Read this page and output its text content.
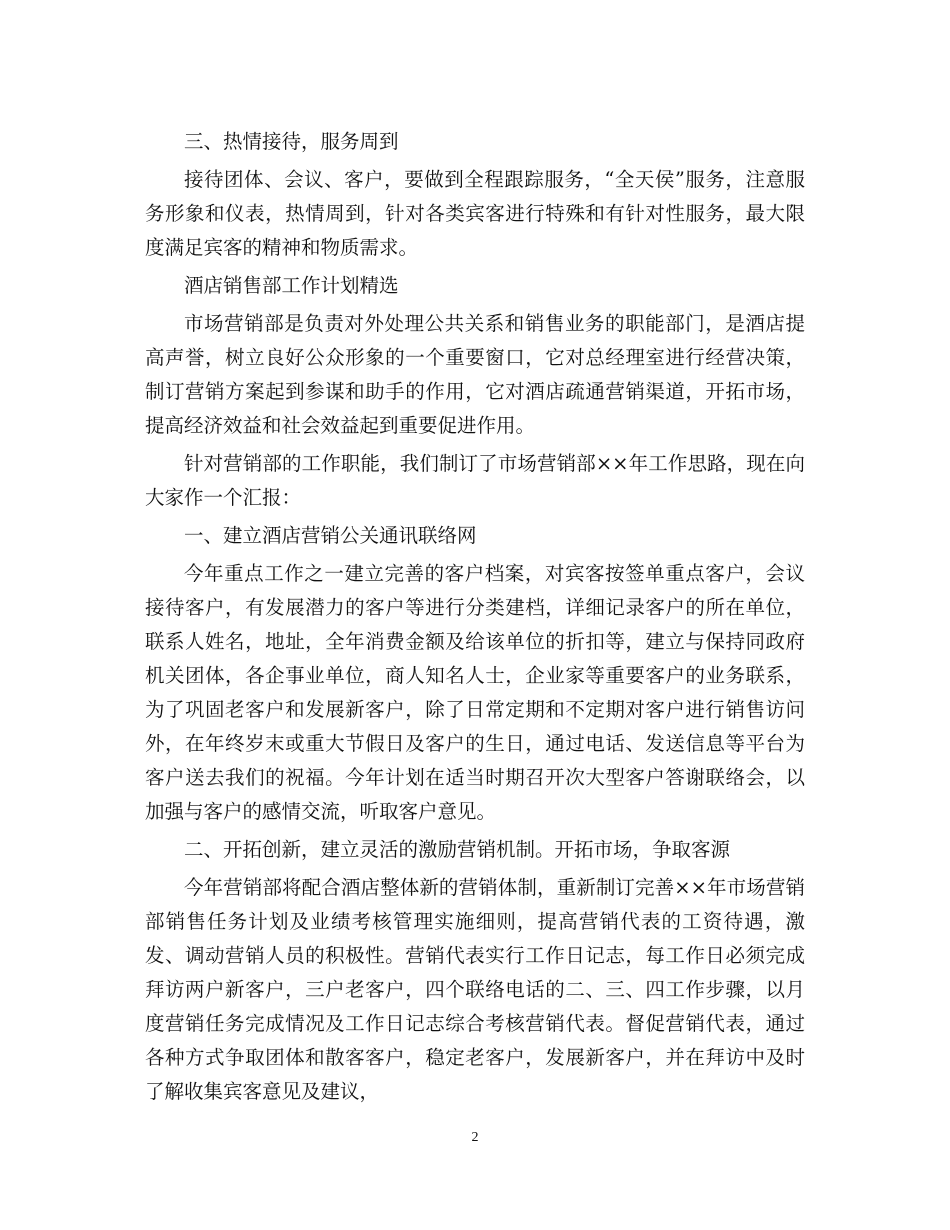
三、热情接待，服务周到

接待团体、会议、客户，要做到全程跟踪服务，“全天侯”服务，注意服务形象和仪表，热情周到，针对各类宾客进行特殊和有针对性服务，最大限度满足宾客的精神和物质需求。

酒店销售部工作计划精选

市场营销部是负责对外处理公共关系和销售业务的职能部门，是酒店提高声誉，树立良好公众形象的一个重要窗口，它对总经理室进行经营决策，制订营销方案起到参谋和助手的作用，它对酒店疏通营销渠道，开拓市场，提高经济效益和社会效益起到重要促进作用。

针对营销部的工作职能，我们制订了市场营销部××年工作思路，现在向大家作一个汇报：

一、建立酒店营销公关通讯联络网

今年重点工作之一建立完善的客户档案，对宾客按签单重点客户，会议接待客户，有发展潜力的客户等进行分类建档，详细记录客户的所在单位，联系人姓名，地址，全年消费金额及给该单位的折扣等，建立与保持同政府机关团体，各企事业单位，商人知名人士，企业家等重要客户的业务联系，为了巩固老客户和发展新客户，除了日常定期和不定期对客户进行销售访问外，在年终岁末或重大节假日及客户的生日，通过电话、发送信息等平台为客户送去我们的祝福。今年计划在适当时期召开次大型客户答谢联络会，以加强与客户的感情交流，听取客户意见。

二、开拓创新，建立灵活的激励营销机制。开拓市场，争取客源

今年营销部将配合酒店整体新的营销体制，重新制订完善××年市场营销部销售任务计划及业绩考核管理实施细则，提高营销代表的工资待遇，激发、调动营销人员的积极性。营销代表实行工作日记志，每工作日必须完成拜访两户新客户，三户老客户，四个联络电话的二、三、四工作步骤，以月度营销任务完成情况及工作日记志综合考核营销代表。督促营销代表，通过各种方式争取团体和散客客户，稳定老客户，发展新客户，并在拜访中及时了解收集宾客意见及建议，

2
